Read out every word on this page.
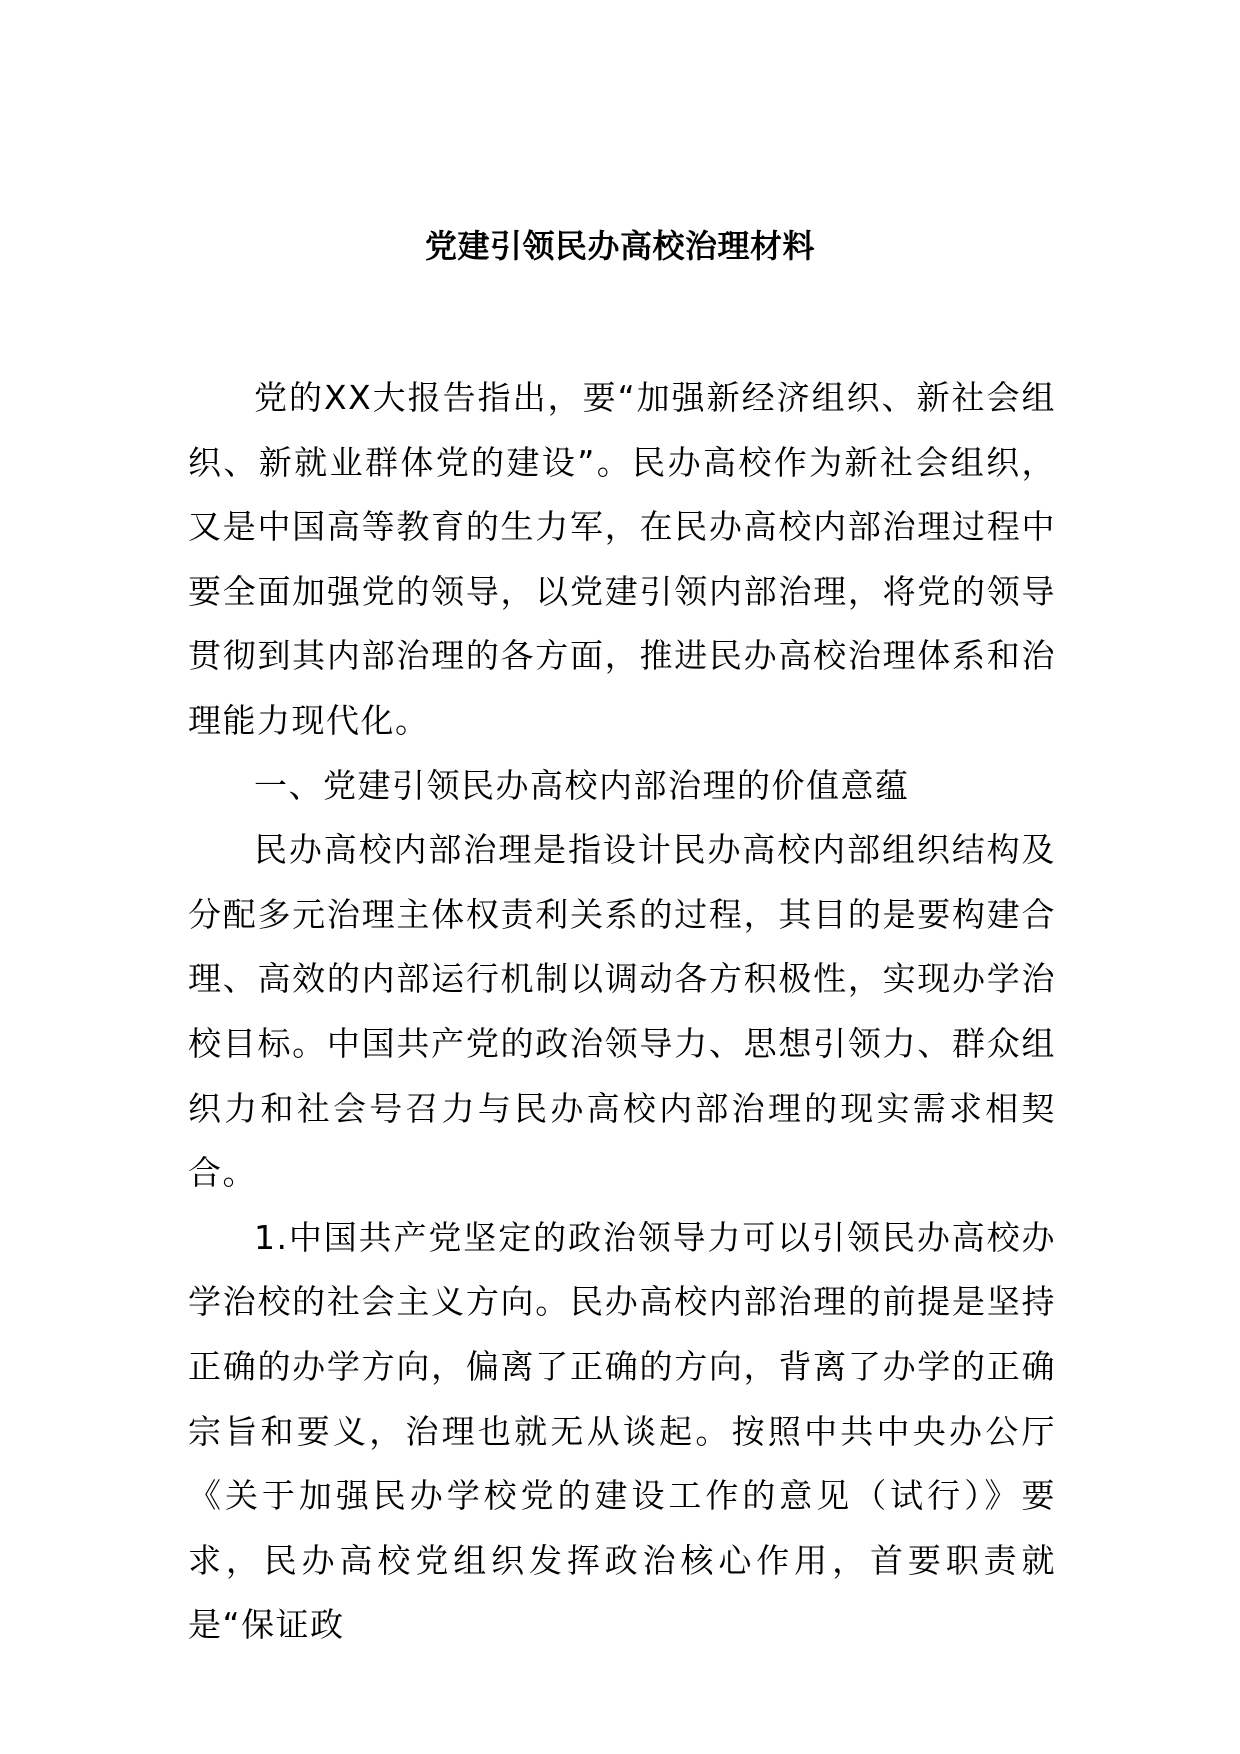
党建引领民办高校治理材料

党的XX大报告指出，要“加强新经济组织、新社会组织、新就业群体党的建设”。民办高校作为新社会组织，又是中国高等教育的生力军，在民办高校内部治理过程中要全面加强党的领导，以党建引领内部治理，将党的领导贯彻到其内部治理的各方面，推进民办高校治理体系和治理能力现代化。

一、党建引领民办高校内部治理的价值意蕴

民办高校内部治理是指设计民办高校内部组织结构及分配多元治理主体权责利关系的过程，其目的是要构建合理、高效的内部运行机制以调动各方积极性，实现办学治校目标。中国共产党的政治领导力、思想引领力、群众组织力和社会号召力与民办高校内部治理的现实需求相契合。

1.中国共产党坚定的政治领导力可以引领民办高校办学治校的社会主义方向。民办高校内部治理的前提是坚持正确的办学方向，偏离了正确的方向，背离了办学的正确宗旨和要义，治理也就无从谈起。按照中共中央办公厅《关于加强民办学校党的建设工作的意见（试行）》要求，民办高校党组织发挥政治核心作用，首要职责就是“保证政
